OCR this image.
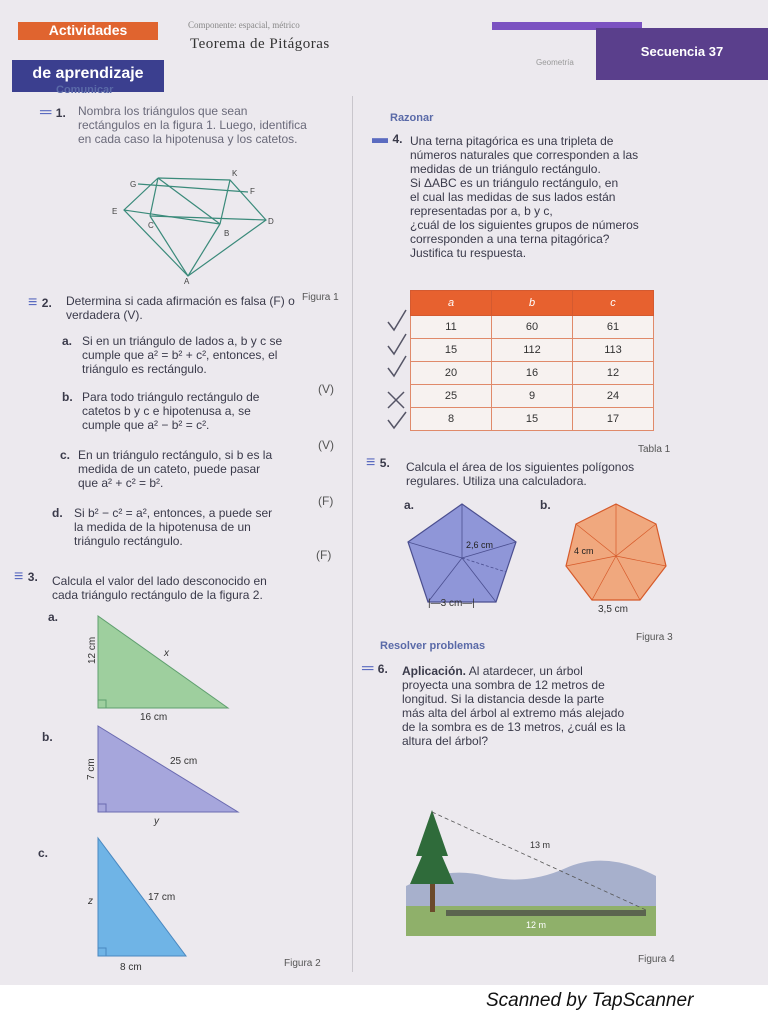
Actividades
de aprendizaje
Componente: espacial, métrico
Teorema de Pitágoras
Geometría
Secuencia 37
Comunicar
═ 1. Nombra los triángulos que sean
rectángulos en la figura 1. Luego, identifica
en cada caso la hipotenusa y los catetos.
G
K
F
E
D
C
B
A
Figura 1
≡ 2. Determina si cada afirmación es falsa (F) o
verdadera (V).
a. Si en un triángulo de lados a, b y c se
cumple que a² = b² + c², entonces, el
triángulo es rectángulo.
(V)
b. Para todo triángulo rectángulo de
catetos b y c e hipotenusa a, se
cumple que a² − b² = c².
(V)
c. En un triángulo rectángulo, si b es la
medida de un cateto, puede pasar
que a² + c² = b².
(F)
d. Si b² − c² = a², entonces, a puede ser
la medida de la hipotenusa de un
triángulo rectángulo.
(F)
≡ 3. Calcula el valor del lado desconocido en
cada triángulo rectángulo de la figura 2.
a.
12 cm
16 cm
x
b.
7 cm	25 cm
y
c.
z	17 cm
8 cm	Figura 2
Razonar
▬ 4. Una terna pitagórica es una tripleta de
números naturales que corresponden a las
medidas de un triángulo rectángulo.
Si ΔABC es un triángulo rectángulo, en
el cual las medidas de sus lados están
representadas por a, b y c,
¿cuál de los siguientes grupos de números
corresponden a una terna pitagórica?
Justifica tu respuesta.
a	b	c
11	60	61
15	112	113
20	16	12
25	9	24
8	15	17
Tabla 1
≡ 5. Calcula el área de los siguientes polígonos
regulares. Utiliza una calculadora.
a.
2,6 cm
|—3 cm—|
b.
4 cm
3,5 cm
Figura 3
Resolver problemas
═ 6. Aplicación. Al atardecer, un árbol
proyecta una sombra de 12 metros de
longitud. Si la distancia desde la parte
más alta del árbol al extremo más alejado
de la sombra es de 13 metros, ¿cuál es la
altura del árbol?
13 m
12 m
Figura 4
Scanned by TapScanner
